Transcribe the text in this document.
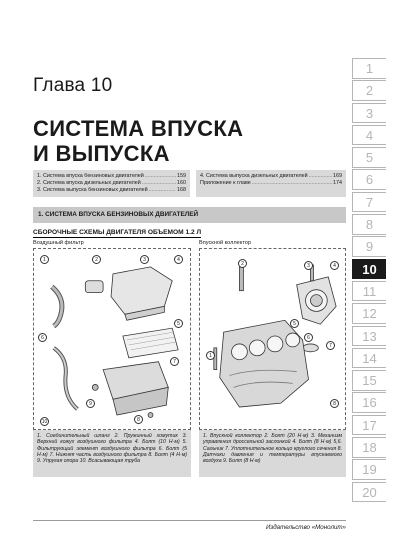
Глава 10
СИСТЕМА ВПУСКА
И ВЫПУСКА
1. Система впуска бензиновых двигателей .....	159
2. Система впуска дизельных двигателей .....	160
3. Система выпуска бензиновых двигателей .....	168
4. Система выпуска дизельных двигателей .....	169
Приложение к главе .....	174
1. СИСТЕМА ВПУСКА БЕНЗИНОВЫХ ДВИГАТЕЛЕЙ
СБОРОЧНЫЕ СХЕМЫ ДВИГАТЕЛЯ ОБЪЕМОМ 1.2 Л
Воздушный фильтр	Впускной коллектор
1	2	3	4
5
6
7
8
9
10
1
2	3	4
5
6
7
8
1. Соединительный шланг 2. Пружинный хомутик 3. Верхний кожух воздушного фильтра 4. Болт (10 Н·м) 5. Фильтрующий элемент воздушного фильтра 6. Болт (5 Н·м) 7. Нижняя часть воздушного фильтра 8. Болт (4 Н·м) 9. Упругая опора 10. Всасывающая труба
1. Впускной коллектор 2. Болт (20 Н·м) 3. Механизм управления дроссельной заслонкой 4. Болт (8 Н·м) 5,6. Сальник 7. Уплотнительное кольцо круглого сечения 8. Датчики давления и температуры впускаемого воздуха 9. Болт (8 Н·м)
Издательство «Монолит»
1
2
3
4
5
6
7
8
9
10
11
12
13
14
15
16
17
18
19
20
